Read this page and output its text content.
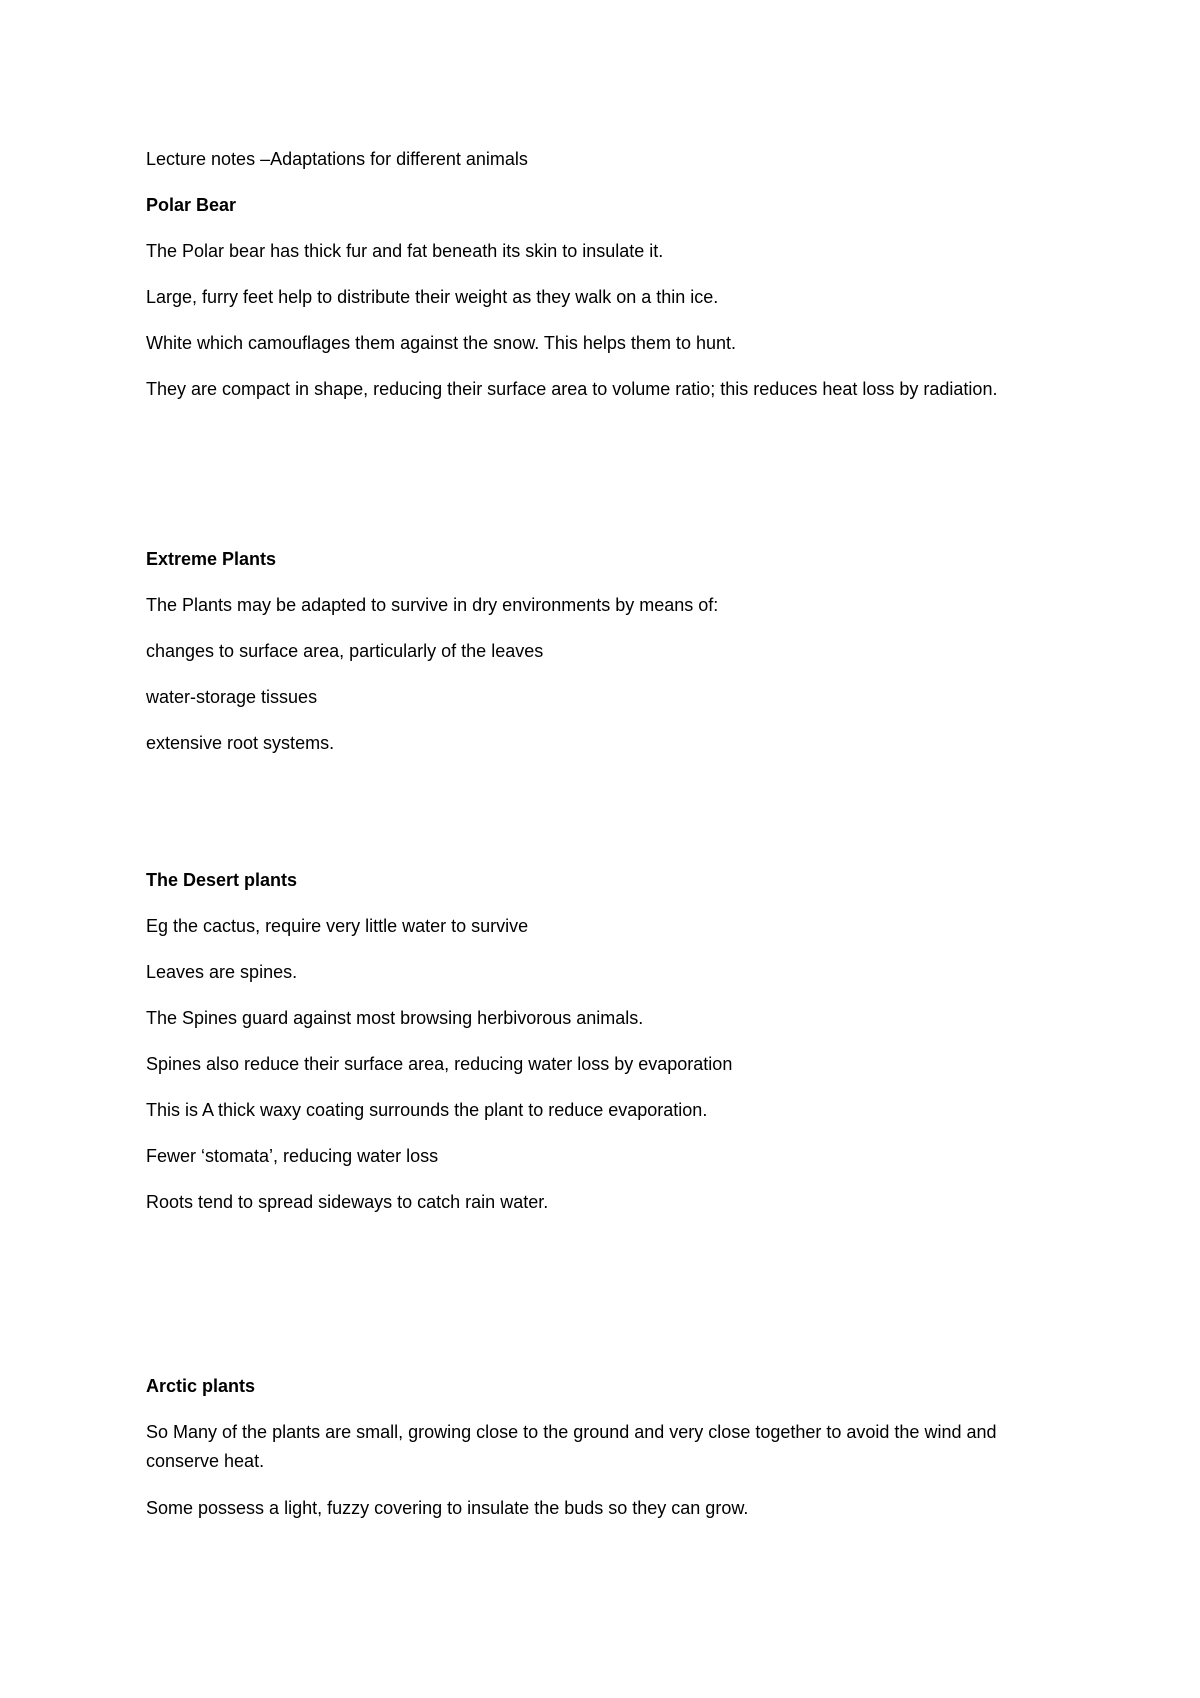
Lecture notes –Adaptations for different animals
Polar Bear
The Polar bear has thick fur and fat beneath its skin to insulate it.
Large, furry feet help to distribute their weight as they walk on a thin ice.
White which camouflages them against the snow. This helps them to hunt.
They are compact in shape, reducing their surface area to volume ratio; this reduces heat loss by radiation.
Extreme Plants
The Plants may be adapted to survive in dry environments by means of:
changes to surface area, particularly of the leaves
water-storage tissues
extensive root systems.
The Desert plants
Eg the cactus, require very little water to survive
Leaves are spines.
The Spines guard against most browsing herbivorous animals.
Spines also reduce their surface area, reducing water loss by evaporation
This is A thick waxy coating surrounds the plant to reduce evaporation.
Fewer ‘stomata’, reducing water loss
Roots tend to spread sideways to catch rain water.
Arctic plants
So Many of the plants are small, growing close to the ground and very close together to avoid the wind and conserve heat.
Some possess a light, fuzzy covering to insulate the buds so they can grow.
